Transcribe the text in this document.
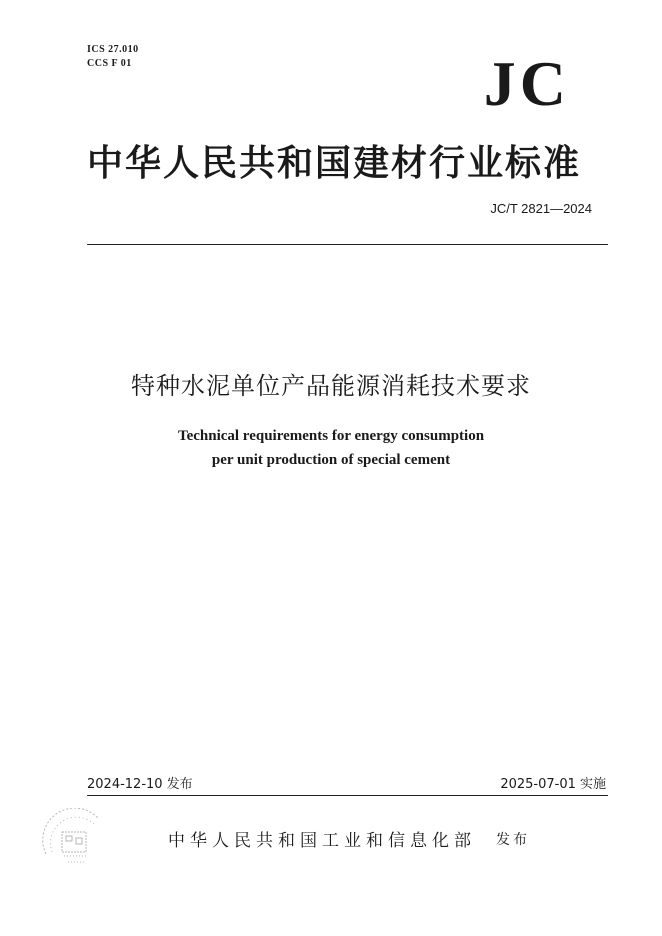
ICS 27.010
CCS F 01	JC
中华人民共和国建材行业标准
JC/T 2821—2024
特种水泥单位产品能源消耗技术要求
Technical requirements for energy consumption
per unit production of special cement
2024-12-10 发布	2025-07-01 实施
中华人民共和国工业和信息化部 发布
